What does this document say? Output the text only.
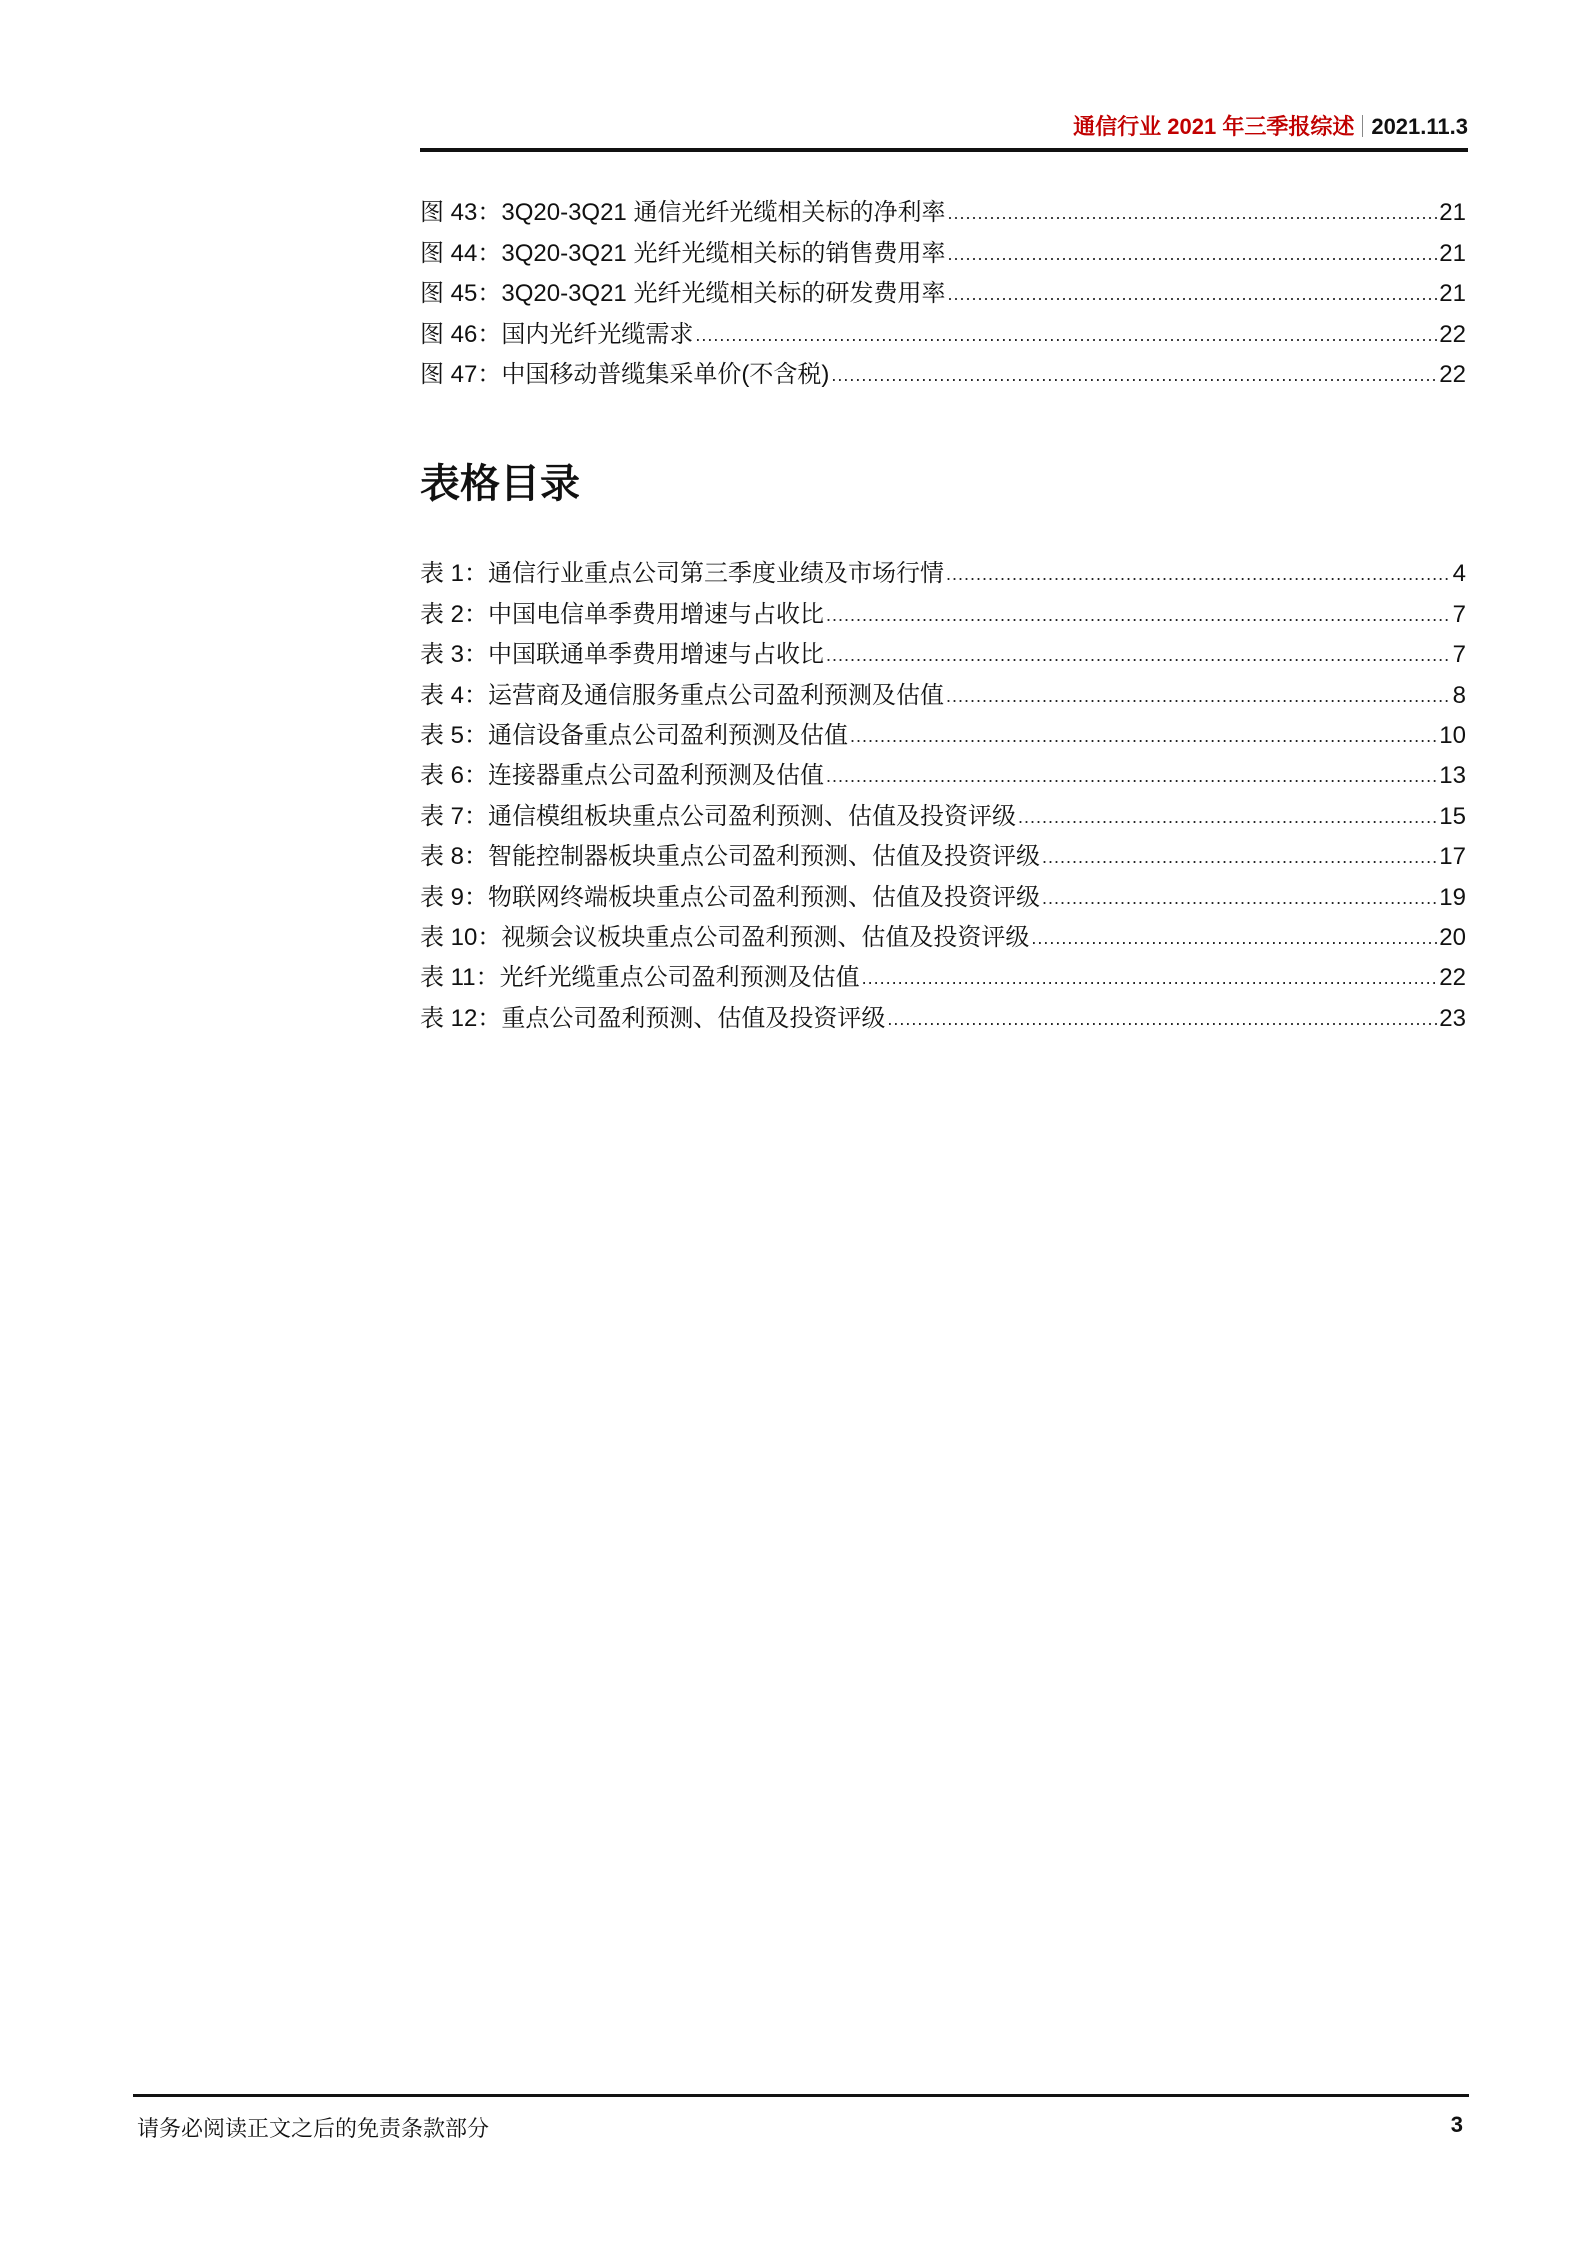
通信行业 2021 年三季报综述 2021.11.3
图 43：3Q20-3Q21 通信光纤光缆相关标的净利率 .....	21
图 44：3Q20-3Q21 光纤光缆相关标的销售费用率 .....	21
图 45：3Q20-3Q21 光纤光缆相关标的研发费用率 .....	21
图 46：国内光纤光缆需求 .....	22
图 47：中国移动普缆集采单价(不含税) .....	22
表格目录
表 1：通信行业重点公司第三季度业绩及市场行情 .....	4
表 2：中国电信单季费用增速与占收比 .....	7
表 3：中国联通单季费用增速与占收比 .....	7
表 4：运营商及通信服务重点公司盈利预测及估值 .....	8
表 5：通信设备重点公司盈利预测及估值 .....	10
表 6：连接器重点公司盈利预测及估值 .....	13
表 7：通信模组板块重点公司盈利预测、估值及投资评级 .....	15
表 8：智能控制器板块重点公司盈利预测、估值及投资评级 .....	17
表 9：物联网终端板块重点公司盈利预测、估值及投资评级 .....	19
表 10：视频会议板块重点公司盈利预测、估值及投资评级 .....	20
表 11：光纤光缆重点公司盈利预测及估值 .....	22
表 12：重点公司盈利预测、估值及投资评级 .....	23
请务必阅读正文之后的免责条款部分	3
